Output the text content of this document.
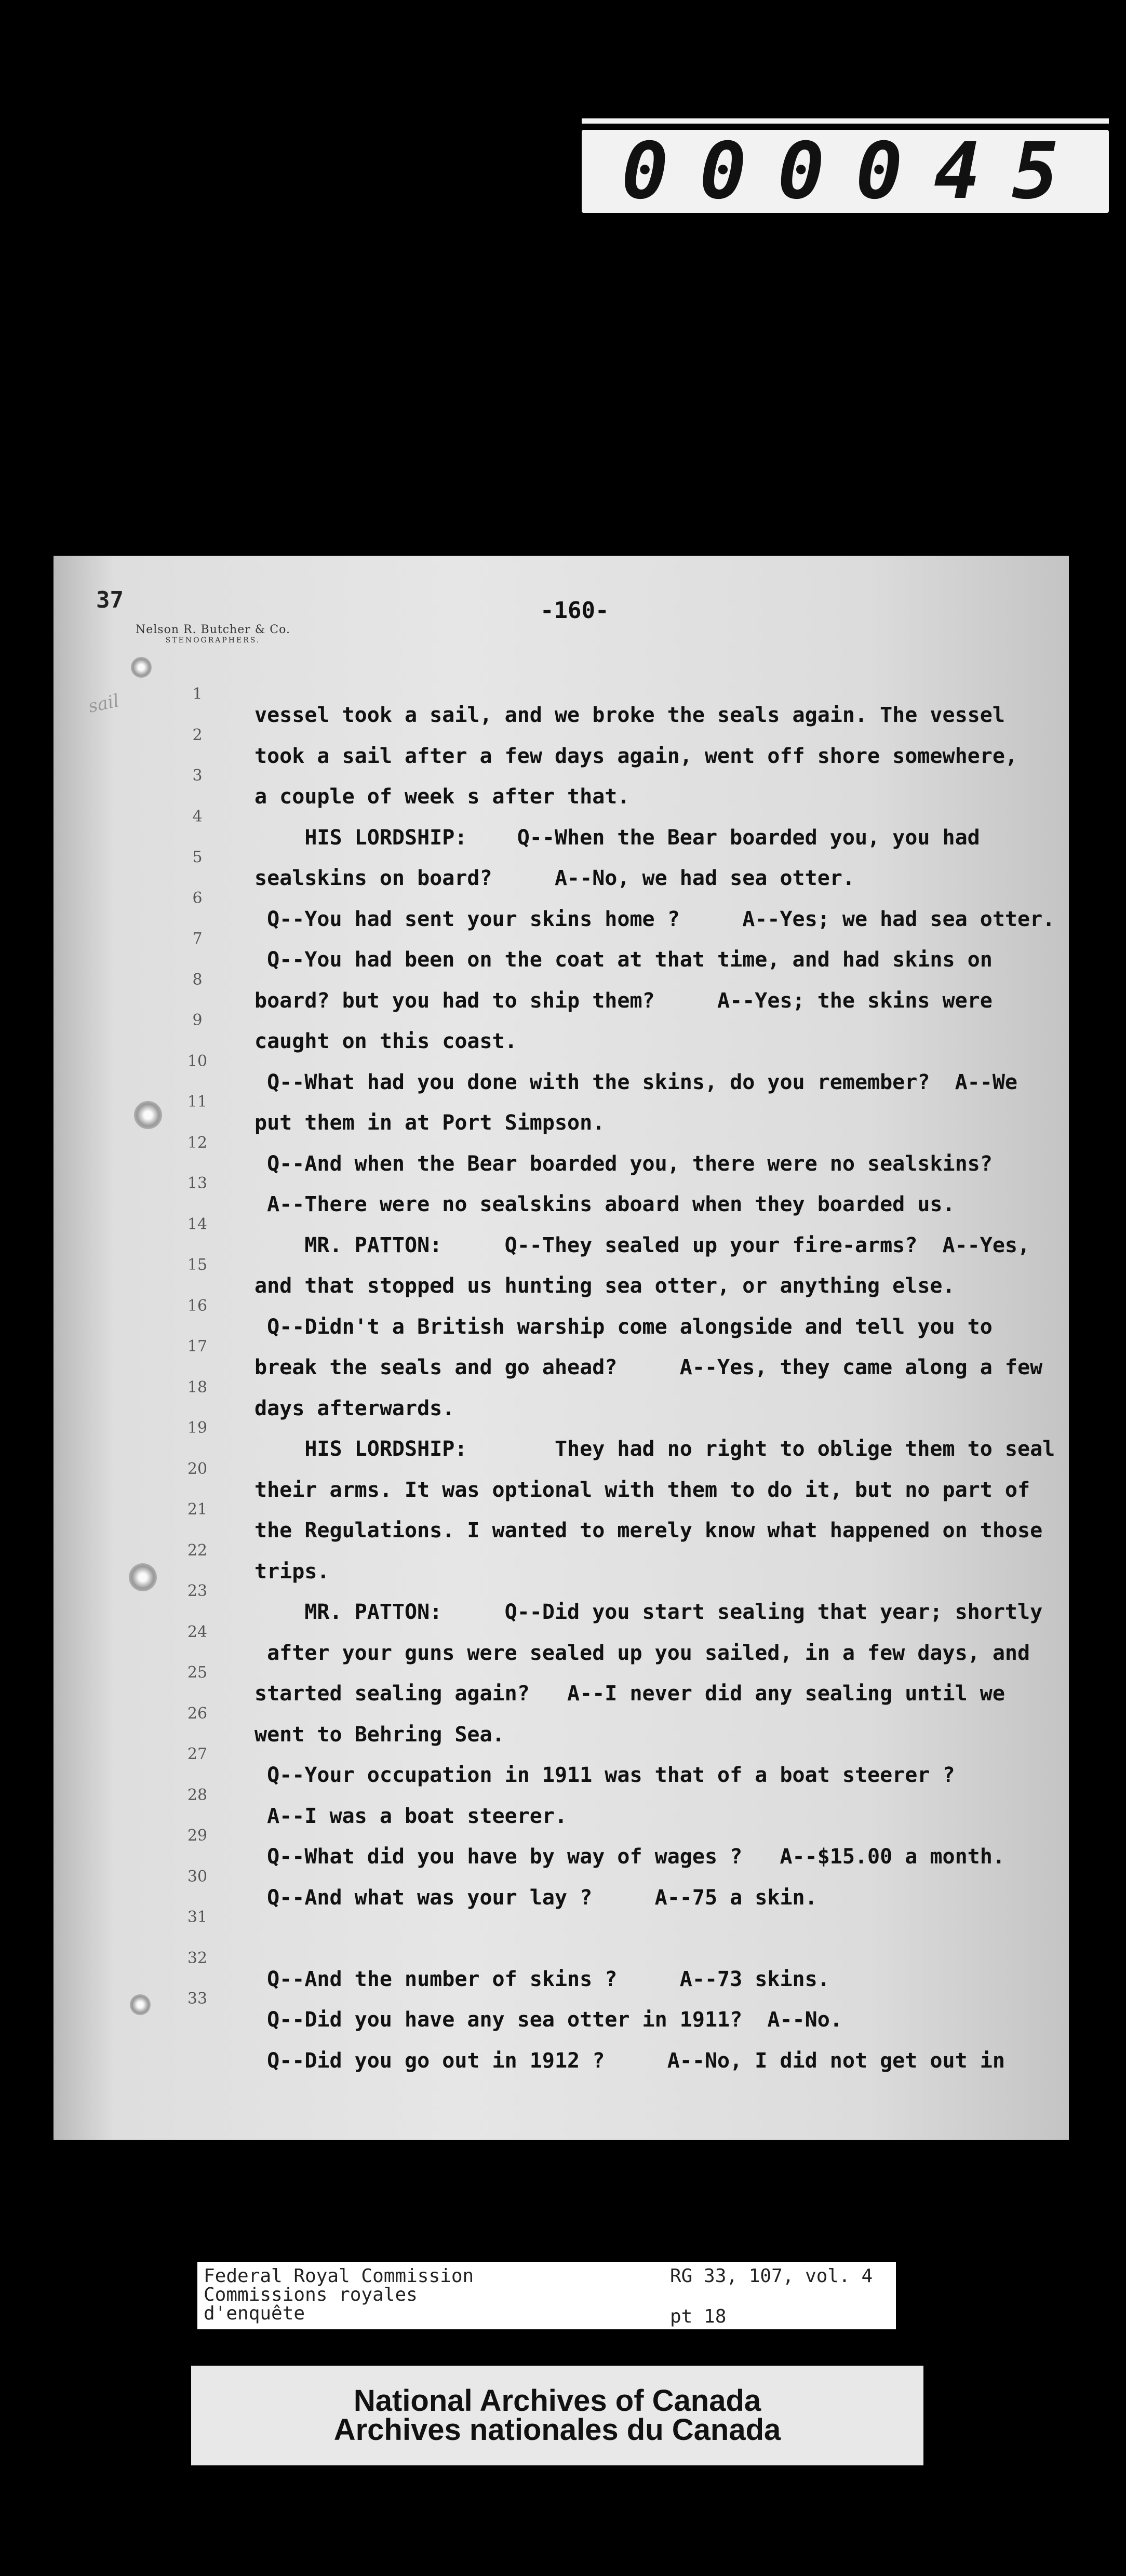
000045
sail
37
Nelson R. Butcher & Co.
STENOGRAPHERS.
-160-
vessel took a sail, and we broke the seals again. The vessel
took a sail after a few days again, went off shore somewhere,
a couple of week s after that.
HIS LORDSHIP:    Q--When the Bear boarded you, you had
sealskins on board?     A--No, we had sea otter.
Q--You had sent your skins home ?     A--Yes; we had sea otter.
Q--You had been on the coat at that time, and had skins on
board? but you had to ship them?     A--Yes; the skins were
caught on this coast.
Q--What had you done with the skins, do you remember?  A--We
put them in at Port Simpson.
Q--And when the Bear boarded you, there were no sealskins?
A--There were no sealskins aboard when they boarded us.
MR. PATTON:     Q--They sealed up your fire-arms?  A--Yes,
and that stopped us hunting sea otter, or anything else.
Q--Didn't a British warship come alongside and tell you to
break the seals and go ahead?     A--Yes, they came along a few
days afterwards.
HIS LORDSHIP:       They had no right to oblige them to seal
their arms. It was optional with them to do it, but no part of
the Regulations. I wanted to merely know what happened on those
trips.
MR. PATTON:     Q--Did you start sealing that year; shortly
after your guns were sealed up you sailed, in a few days, and
started sealing again?   A--I never did any sealing until we
went to Behring Sea.
Q--Your occupation in 1911 was that of a boat steerer ?
A--I was a boat steerer.
Q--What did you have by way of wages ?   A--$15.00 a month.
Q--And what was your lay ?     A--75 a skin.
Q--And the number of skins ?     A--73 skins.
Q--Did you have any sea otter in 1911?  A--No.
Q--Did you go out in 1912 ?     A--No, I did not get out in
1
2
3
4
5
6
7
8
9
10
11
12
13
14
15
16
17
18
19
20
21
22
23
24
25
26
27
28
29
30
31
32
33
Federal Royal Commission
Commissions royales
d'enquête
RG 33, 107, vol. 4
pt 18
National Archives of Canada
Archives nationales du Canada
